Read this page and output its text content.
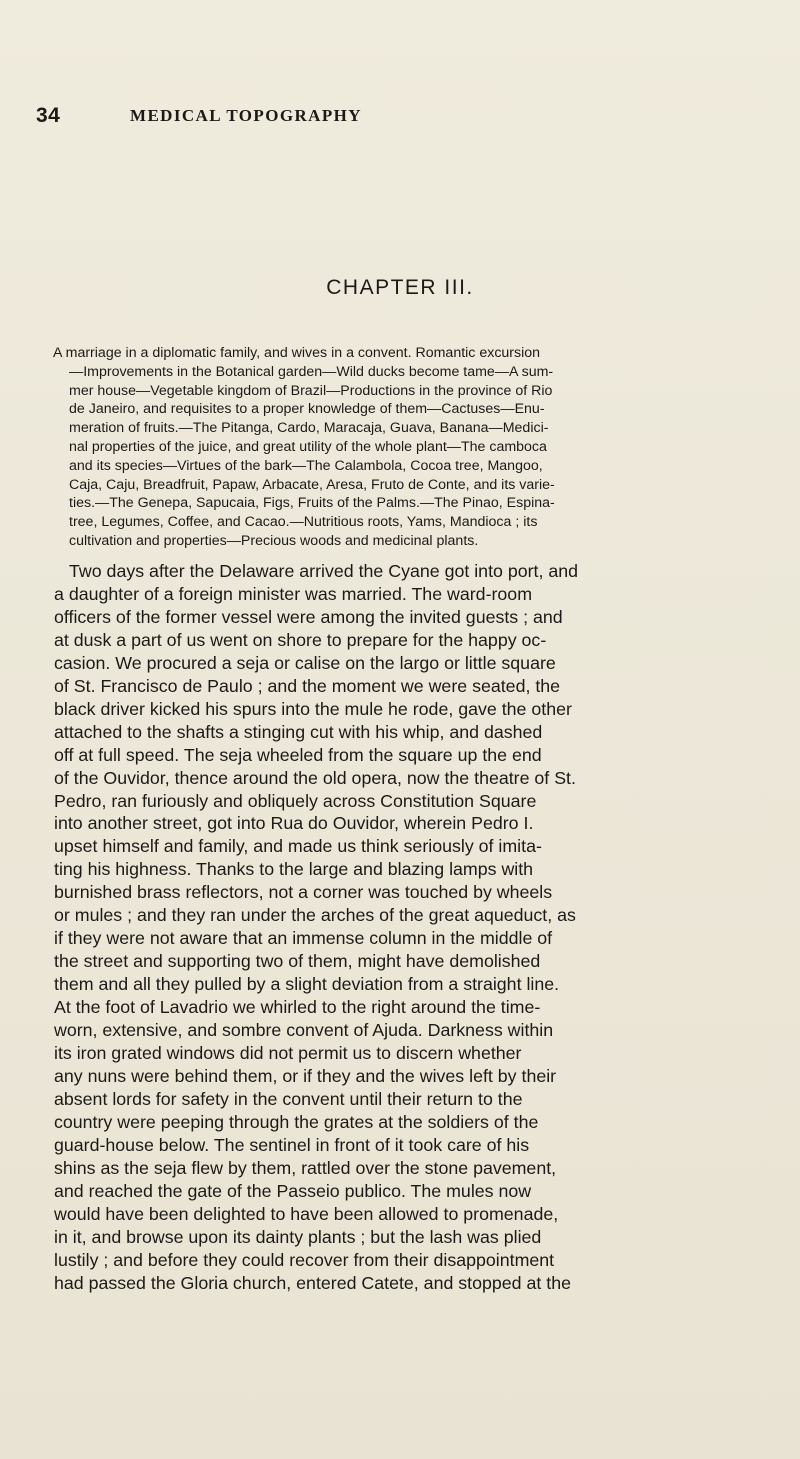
34	MEDICAL TOPOGRAPHY
CHAPTER III.
A marriage in a diplomatic family, and wives in a convent. Romantic excursion
—Improvements in the Botanical garden—Wild ducks become tame—A sum-
mer house—Vegetable kingdom of Brazil—Productions in the province of Rio
de Janeiro, and requisites to a proper knowledge of them—Cactuses—Enu-
meration of fruits.—The Pitanga, Cardo, Maracaja, Guava, Banana—Medici-
nal properties of the juice, and great utility of the whole plant—The camboca
and its species—Virtues of the bark—The Calambola, Cocoa tree, Mangoo,
Caja, Caju, Breadfruit, Papaw, Arbacate, Aresa, Fruto de Conte, and its varie-
ties.—The Genepa, Sapucaia, Figs, Fruits of the Palms.—The Pinao, Espina-
tree, Legumes, Coffee, and Cacao.—Nutritious roots, Yams, Mandioca ; its
cultivation and properties—Precious woods and medicinal plants.
Two days after the Delaware arrived the Cyane got into port, and
a daughter of a foreign minister was married. The ward-room
officers of the former vessel were among the invited guests ; and
at dusk a part of us went on shore to prepare for the happy oc-
casion. We procured a seja or calise on the largo or little square
of St. Francisco de Paulo ; and the moment we were seated, the
black driver kicked his spurs into the mule he rode, gave the other
attached to the shafts a stinging cut with his whip, and dashed
off at full speed. The seja wheeled from the square up the end
of the Ouvidor, thence around the old opera, now the theatre of St.
Pedro, ran furiously and obliquely across Constitution Square
into another street, got into Rua do Ouvidor, wherein Pedro I.
upset himself and family, and made us think seriously of imita-
ting his highness. Thanks to the large and blazing lamps with
burnished brass reflectors, not a corner was touched by wheels
or mules ; and they ran under the arches of the great aqueduct, as
if they were not aware that an immense column in the middle of
the street and supporting two of them, might have demolished
them and all they pulled by a slight deviation from a straight line.
At the foot of Lavadrio we whirled to the right around the time-
worn, extensive, and sombre convent of Ajuda. Darkness within
its iron grated windows did not permit us to discern whether
any nuns were behind them, or if they and the wives left by their
absent lords for safety in the convent until their return to the
country were peeping through the grates at the soldiers of the
guard-house below. The sentinel in front of it took care of his
shins as the seja flew by them, rattled over the stone pavement,
and reached the gate of the Passeio publico. The mules now
would have been delighted to have been allowed to promenade,
in it, and browse upon its dainty plants ; but the lash was plied
lustily ; and before they could recover from their disappointment
had passed the Gloria church, entered Catete, and stopped at the
